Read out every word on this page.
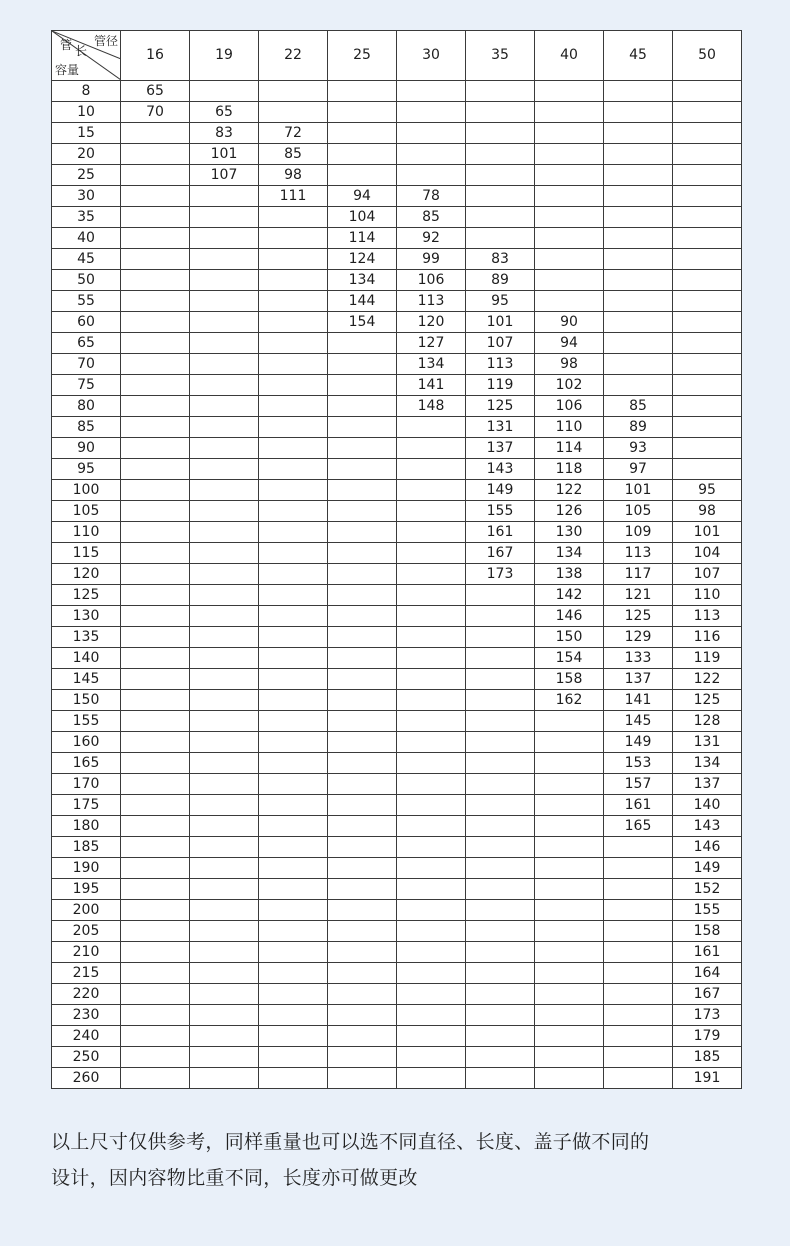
管 长
管径
容量	16	19	22	25	30	35	40	45	50
8	65								
10	70	65							
15		83	72						
20		101	85						
25		107	98						
30			111	94	78				
35				104	85				
40				114	92				
45				124	99	83			
50				134	106	89			
55				144	113	95			
60				154	120	101	90		
65					127	107	94		
70					134	113	98		
75					141	119	102		
80					148	125	106	85	
85						131	110	89	
90						137	114	93	
95						143	118	97	
100						149	122	101	95
105						155	126	105	98
110						161	130	109	101
115						167	134	113	104
120						173	138	117	107
125							142	121	110
130							146	125	113
135							150	129	116
140							154	133	119
145							158	137	122
150							162	141	125
155								145	128
160								149	131
165								153	134
170								157	137
175								161	140
180								165	143
185									146
190									149
195									152
200									155
205									158
210									161
215									164
220									167
230									173
240									179
250									185
260									191

以上尺寸仅供参考，同样重量也可以选不同直径、长度、盖子做不同的
设计，因内容物比重不同，长度亦可做更改
